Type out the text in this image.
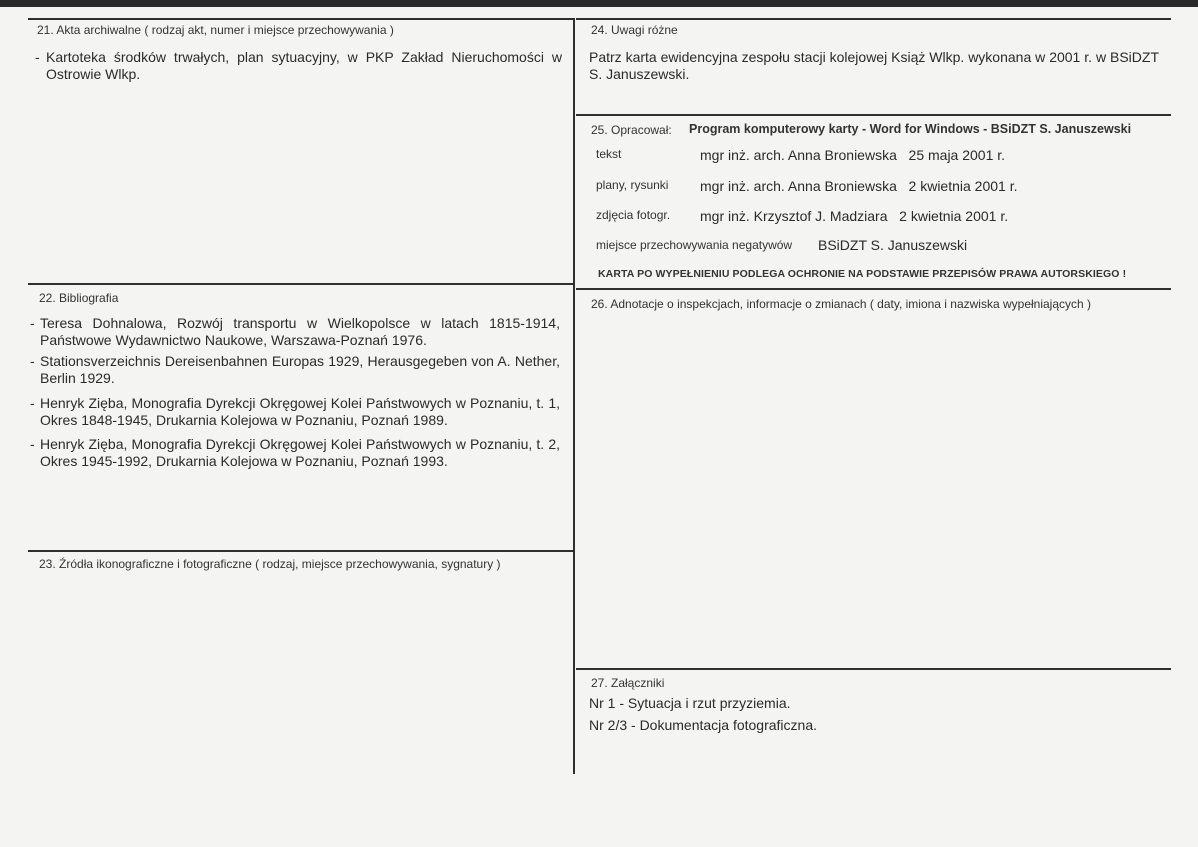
21. Akta archiwalne ( rodzaj akt, numer i miejsce przechowywania )
- Kartoteka środków trwałych, plan sytuacyjny, w PKP Zakład Nieruchomości w Ostrowie Wlkp.
22. Bibliografia
- Teresa Dohnalowa, Rozwój transportu w Wielkopolsce w latach 1815-1914, Państwowe Wydawnictwo Naukowe, Warszawa-Poznań 1976.
- Stationsverzeichnis Dereisenbahnen Europas 1929, Herausgegeben von A. Nether, Berlin 1929.
- Henryk Zięba, Monografia Dyrekcji Okręgowej Kolei Państwowych w Poznaniu, t. 1, Okres 1848-1945, Drukarnia Kolejowa w Poznaniu, Poznań 1989.
- Henryk Zięba, Monografia Dyrekcji Okręgowej Kolei Państwowych w Poznaniu, t. 2, Okres 1945-1992, Drukarnia Kolejowa w Poznaniu, Poznań 1993.
23. Źródła ikonograficzne i fotograficzne ( rodzaj, miejsce przechowywania, sygnatury )
24. Uwagi różne
Patrz karta ewidencyjna zespołu stacji kolejowej Książ Wlkp. wykonana w 2001 r. w BSiDZT S. Januszewski.
25. Opracował: Program komputerowy karty - Word for Windows - BSiDZT S. Januszewski
tekst	mgr inż. arch. Anna Broniewska   25 maja 2001 r.
plany, rysunki mgr inż. arch. Anna Broniewska   2 kwietnia 2001 r.
zdjęcia fotogr. mgr inż. Krzysztof J. Madziara   2 kwietnia 2001 r.
miejsce przechowywania negatywów BSiDZT S. Januszewski
KARTA PO WYPEŁNIENIU PODLEGA OCHRONIE NA PODSTAWIE PRZEPISÓW PRAWA AUTORSKIEGO !
26. Adnotacje o inspekcjach, informacje o zmianach ( daty, imiona i nazwiska wypełniających )
27. Załączniki
Nr 1 - Sytuacja i rzut przyziemia.
Nr 2/3 - Dokumentacja fotograficzna.
